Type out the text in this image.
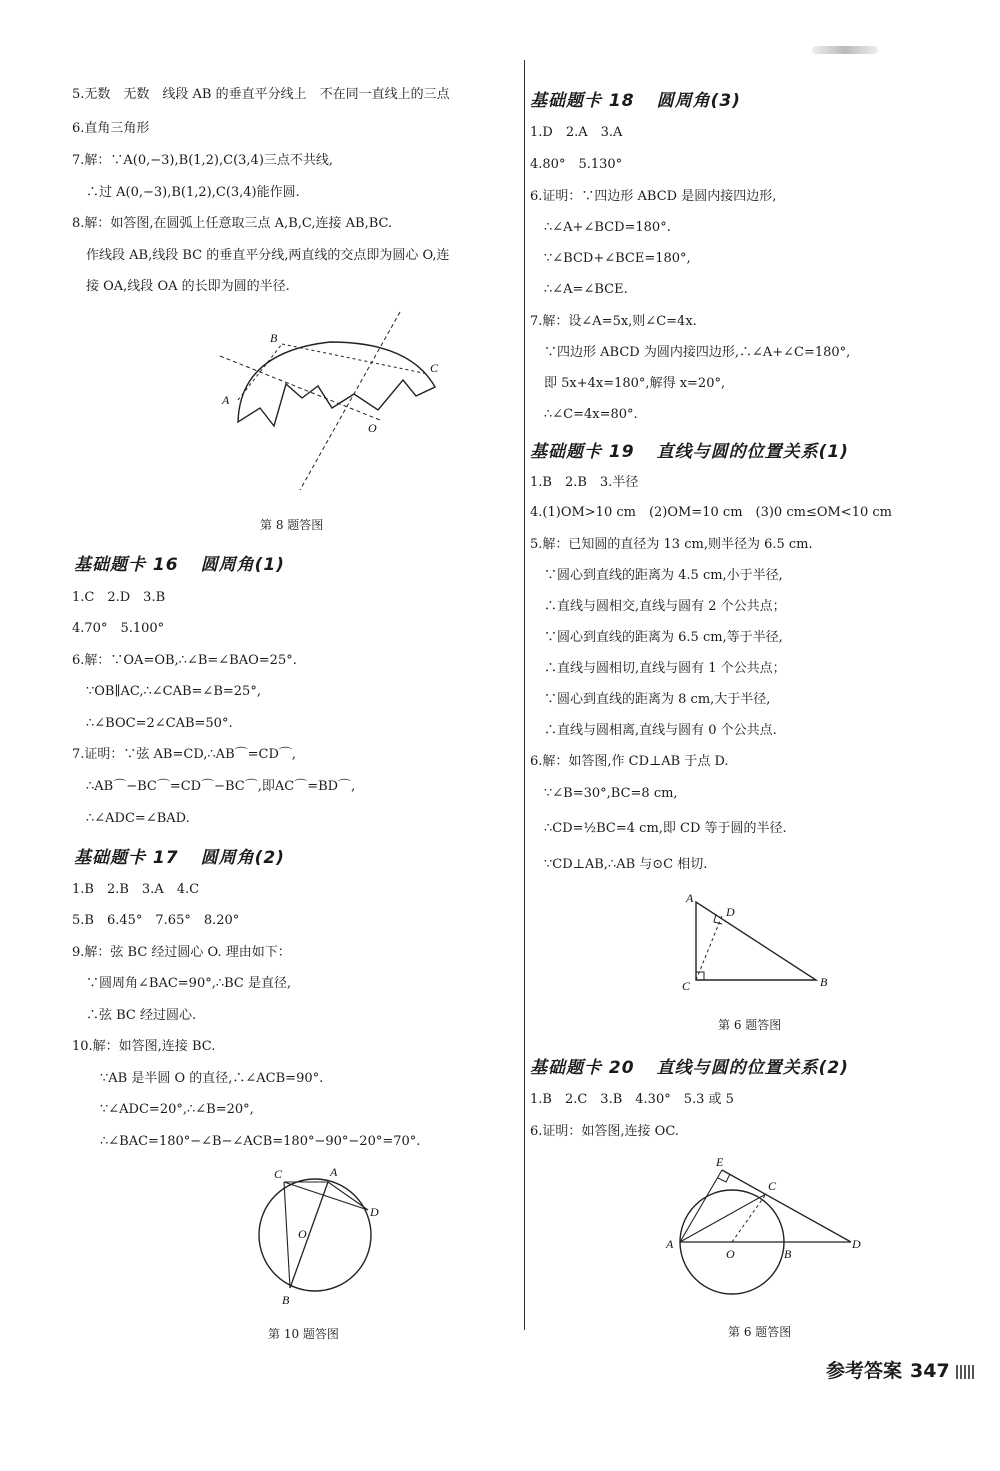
5.无数　无数　线段 AB 的垂直平分线上　不在同一直线上的三点
6.直角三角形
7.解：∵A(0,−3),B(1,2),C(3,4)三点不共线,
∴过 A(0,−3),B(1,2),C(3,4)能作圆.
8.解：如答图,在圆弧上任意取三点 A,B,C,连接 AB,BC.
作线段 AB,线段 BC 的垂直平分线,两直线的交点即为圆心 O,连
接 OA,线段 OA 的长即为圆的半径.
B
C
A
O
第 8 题答图
基础题卡 16 圆周角(1)
1.C　2.D　3.B
4.70°　5.100°
6.解：∵OA=OB,∴∠B=∠BAO=25°.
∵OB∥AC,∴∠CAB=∠B=25°,
∴∠BOC=2∠CAB=50°.
7.证明：∵弦 AB=CD,∴AB⌒=CD⌒,
∴AB⌒−BC⌒=CD⌒−BC⌒,即AC⌒=BD⌒,
∴∠ADC=∠BAD.
基础题卡 17 圆周角(2)
1.B　2.B　3.A　4.C
5.B　6.45°　7.65°　8.20°
9.解：弦 BC 经过圆心 O. 理由如下：
∵圆周角∠BAC=90°,∴BC 是直径,
∴弦 BC 经过圆心.
10.解：如答图,连接 BC.
∵AB 是半圆 O 的直径,∴∠ACB=90°.
∵∠ADC=20°,∴∠B=20°,
∴∠BAC=180°−∠B−∠ACB=180°−90°−20°=70°.
C	A
D
O
B
第 10 题答图
基础题卡 18 圆周角(3)
1.D　2.A　3.A
4.80°　5.130°
6.证明：∵四边形 ABCD 是圆内接四边形,
∴∠A+∠BCD=180°.
∵∠BCD+∠BCE=180°,
∴∠A=∠BCE.
7.解：设∠A=5x,则∠C=4x.
∵四边形 ABCD 为圆内接四边形,∴∠A+∠C=180°,
即 5x+4x=180°,解得 x=20°,
∴∠C=4x=80°.
基础题卡 19 直线与圆的位置关系(1)
1.B　2.B　3.半径
4.(1)OM>10 cm　(2)OM=10 cm　(3)0 cm≤OM<10 cm
5.解：已知圆的直径为 13 cm,则半径为 6.5 cm.
∵圆心到直线的距离为 4.5 cm,小于半径,
∴直线与圆相交,直线与圆有 2 个公共点；
∵圆心到直线的距离为 6.5 cm,等于半径,
∴直线与圆相切,直线与圆有 1 个公共点；
∵圆心到直线的距离为 8 cm,大于半径,
∴直线与圆相离,直线与圆有 0 个公共点.
6.解：如答图,作 CD⊥AB 于点 D.
∵∠B=30°,BC=8 cm,
∴CD=½BC=4 cm,即 CD 等于圆的半径.
∵CD⊥AB,∴AB 与⊙C 相切.
A
D
C	B
第 6 题答图
基础题卡 20 直线与圆的位置关系(2)
1.B　2.C　3.B　4.30°　5.3 或 5
6.证明：如答图,连接 OC.
E
C
A
O	B
D
第 6 题答图
参考答案 347
